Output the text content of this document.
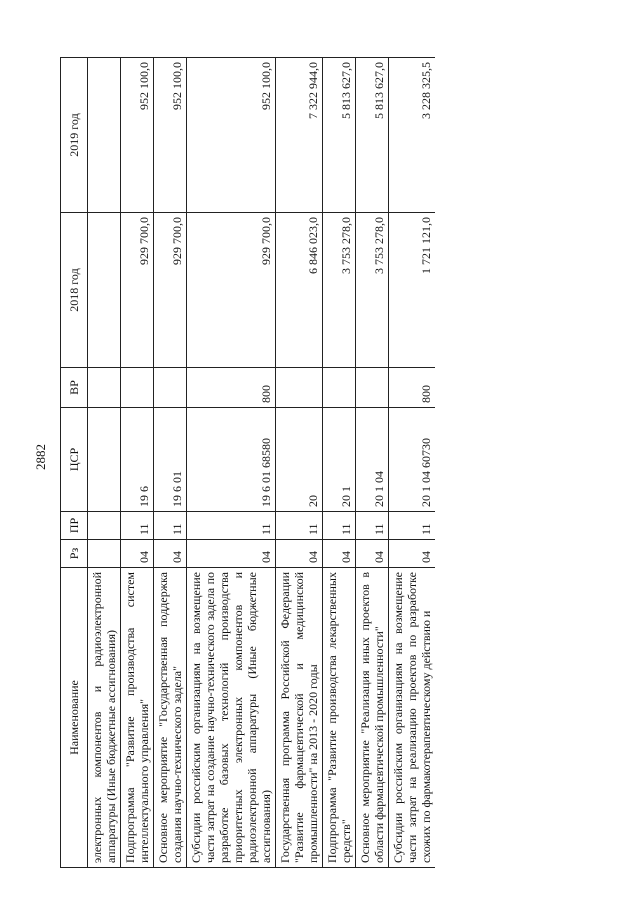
2882
Наименование	Рз	ПР	ЦСР	ВР	2018 год	2019 год
электронных компонентов и радиоэлектронной аппаратуры (Иные бюджетные ассигнования)						
Подпрограмма "Развитие производства систем интеллектуального управления"	04	11	19 6		929 700,0	952 100,0
Основное мероприятие "Государственная поддержка создания научно-технического задела"	04	11	19 6 01		929 700,0	952 100,0
Субсидии российским организациям на возмещение части затрат на создание научно-технического задела по разработке базовых технологий производства приоритетных электронных компонентов и радиоэлектронной аппаратуры (Иные бюджетные ассигнования)	04	11	19 6 01 68580	800	929 700,0	952 100,0
Государственная программа Российской Федерации "Развитие фармацевтической и медицинской промышленности" на 2013 - 2020 годы	04	11	20		6 846 023,0	7 322 944,0
Подпрограмма "Развитие производства лекарственных средств"	04	11	20 1		3 753 278,0	5 813 627,0
Основное мероприятие "Реализация иных проектов в области фармацевтической промышленности"	04	11	20 1 04		3 753 278,0	5 813 627,0
Субсидии российским организациям на возмещение части затрат на реализацию проектов по разработке схожих по фармакотерапевтическому действию и	04	11	20 1 04 60730	800	1 721 121,0	3 228 325,5
